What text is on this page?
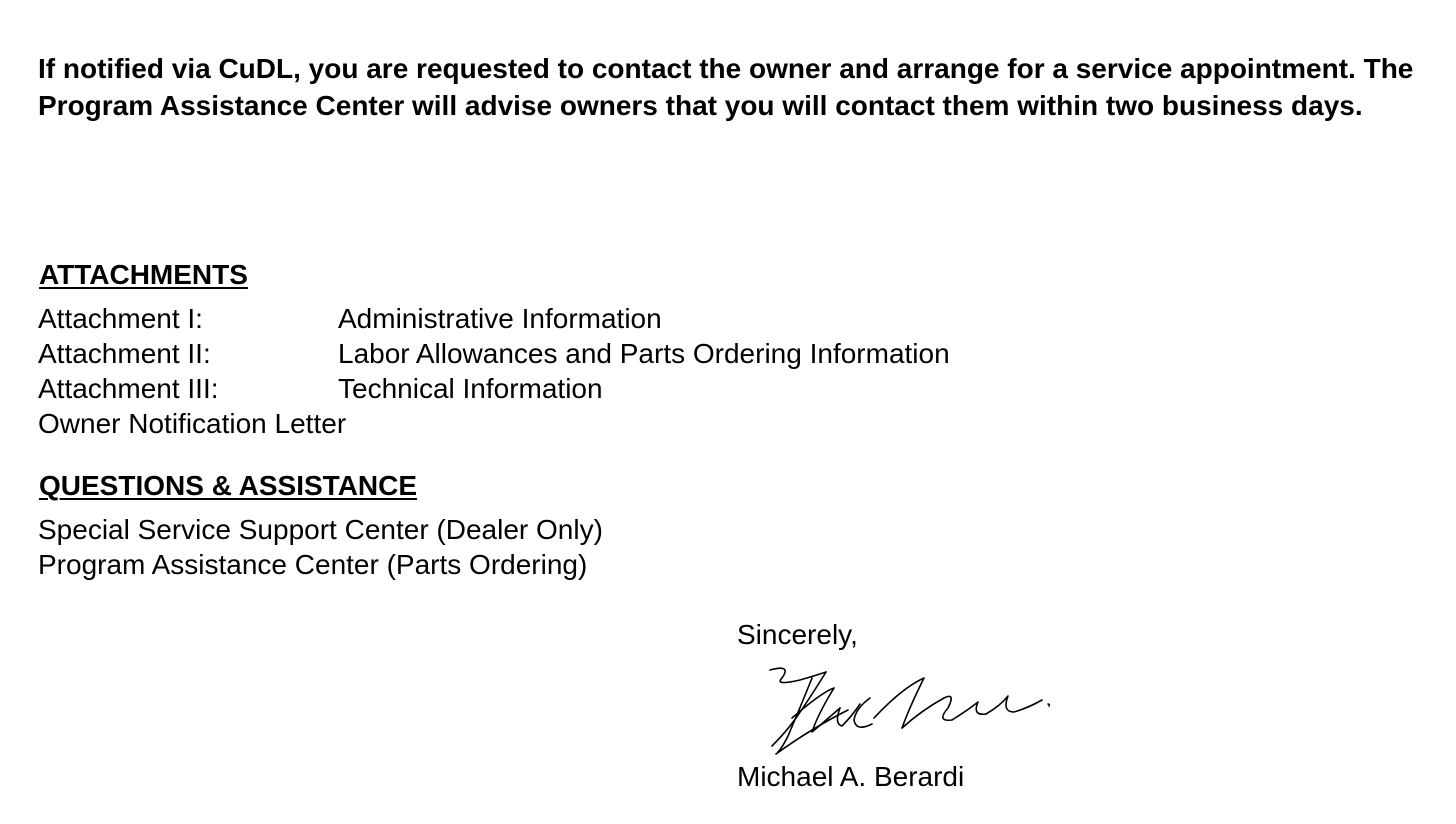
If notified via CuDL, you are requested to contact the owner and arrange for a service appointment. The Program Assistance Center will advise owners that you will contact them within two business days.

ATTACHMENTS
Attachment I:	Administrative Information
Attachment II:	Labor Allowances and Parts Ordering Information
Attachment III:	Technical Information
Owner Notification Letter
QUESTIONS & ASSISTANCE
Special Service Support Center (Dealer Only)
Program Assistance Center (Parts Ordering)

Sincerely,

Michael A. Berardi
